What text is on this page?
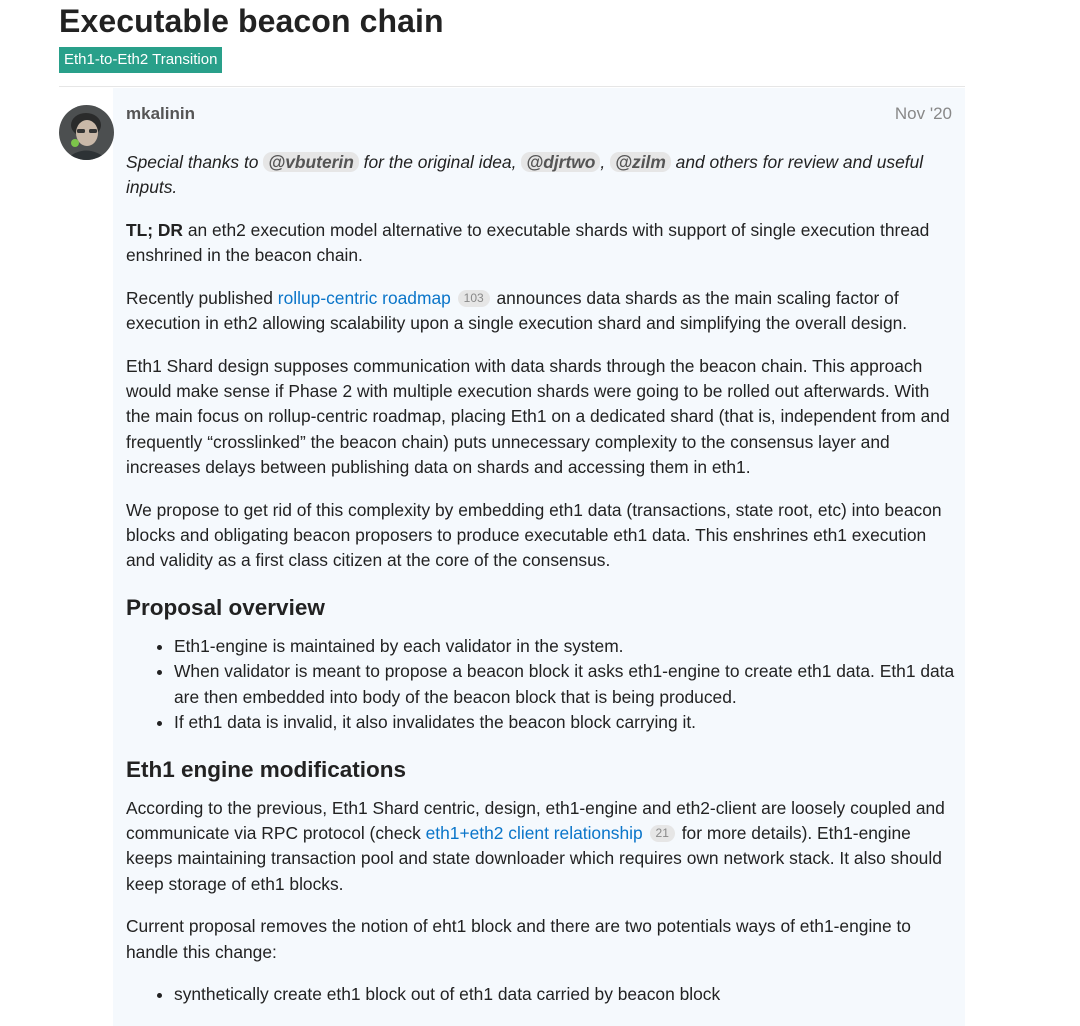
Executable beacon chain
Eth1-to-Eth2 Transition
mkalinin	Nov '20

Special thanks to @vbuterin for the original idea, @djrtwo , @zilm and others for review and useful inputs.

TL; DR an eth2 execution model alternative to executable shards with support of single execution thread enshrined in the beacon chain.

Recently published rollup-centric roadmap 103 announces data shards as the main scaling factor of execution in eth2 allowing scalability upon a single execution shard and simplifying the overall design.

Eth1 Shard design supposes communication with data shards through the beacon chain. This approach would make sense if Phase 2 with multiple execution shards were going to be rolled out afterwards. With the main focus on rollup-centric roadmap, placing Eth1 on a dedicated shard (that is, independent from and frequently “crosslinked” the beacon chain) puts unnecessary complexity to the consensus layer and increases delays between publishing data on shards and accessing them in eth1.

We propose to get rid of this complexity by embedding eth1 data (transactions, state root, etc) into beacon blocks and obligating beacon proposers to produce executable eth1 data. This enshrines eth1 execution and validity as a first class citizen at the core of the consensus.

Proposal overview
• Eth1-engine is maintained by each validator in the system.
• When validator is meant to propose a beacon block it asks eth1-engine to create eth1 data. Eth1 data are then embedded into body of the beacon block that is being produced.
• If eth1 data is invalid, it also invalidates the beacon block carrying it.
Eth1 engine modifications

According to the previous, Eth1 Shard centric, design, eth1-engine and eth2-client are loosely coupled and communicate via RPC protocol (check eth1+eth2 client relationship 21 for more details). Eth1-engine keeps maintaining transaction pool and state downloader which requires own network stack. It also should keep storage of eth1 blocks.

Current proposal removes the notion of eht1 block and there are two potentials ways of eth1-engine to handle this change:

• synthetically create eth1 block out of eth1 data carried by beacon block
